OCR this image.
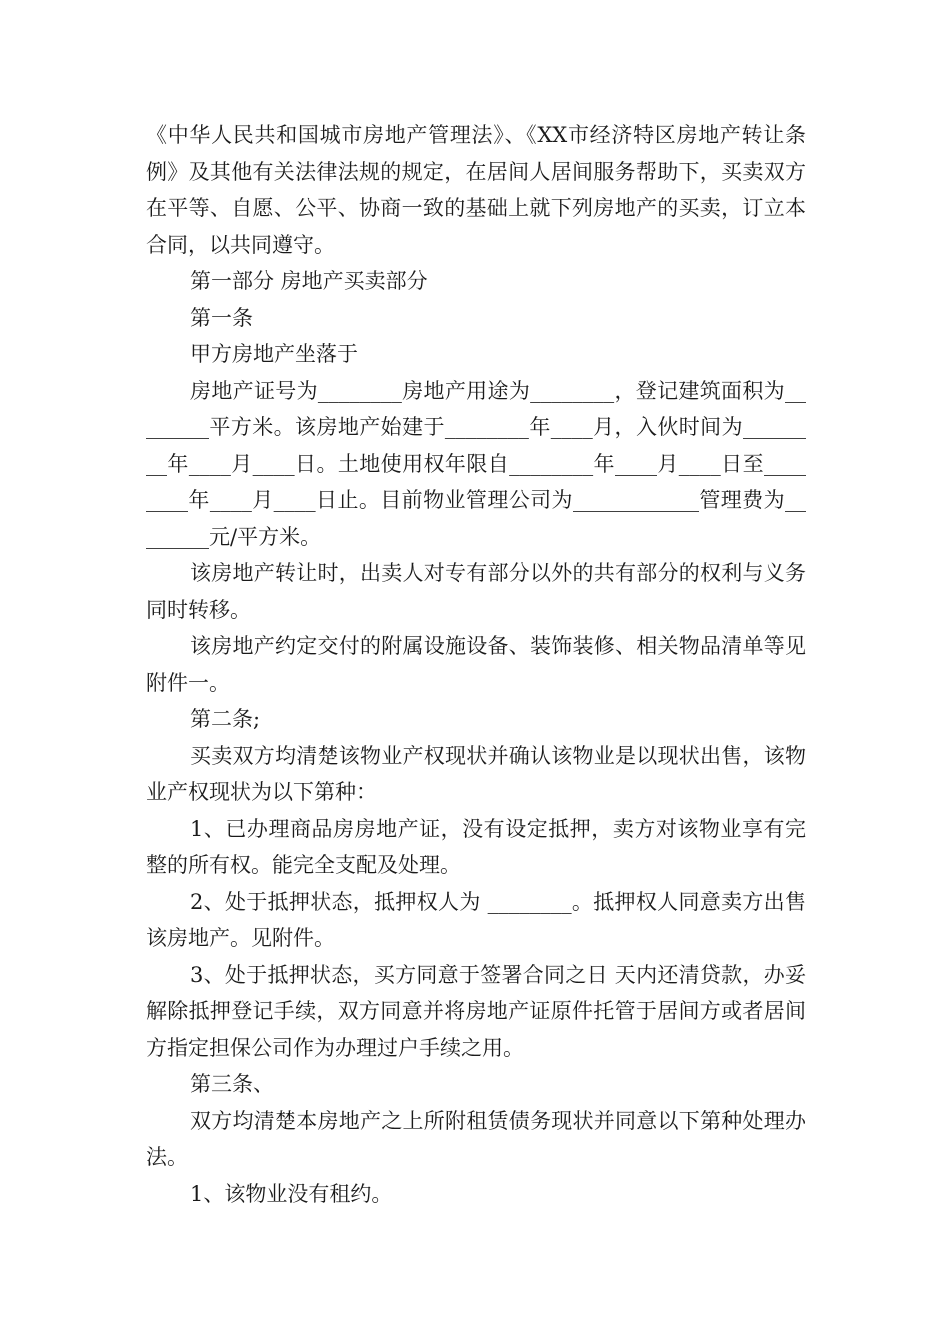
《中华人民共和国城市房地产管理法》、《XX市经济特区房地产转让条例》及其他有关法律法规的规定，在居间人居间服务帮助下，买卖双方在平等、自愿、公平、协商一致的基础上就下列房地产的买卖，订立本合同，以共同遵守。

第一部分 房地产买卖部分

第一条

甲方房地产坐落于

房地产证号为________房地产用途为________，登记建筑面积为________平方米。该房地产始建于________年____月，入伙时间为________年____月____日。土地使用权年限自________年____月____日至________年____月____日止。目前物业管理公司为____________管理费为________元/平方米。

该房地产转让时，出卖人对专有部分以外的共有部分的权利与义务同时转移。

该房地产约定交付的附属设施设备、装饰装修、相关物品清单等见附件一。

第二条;

买卖双方均清楚该物业产权现状并确认该物业是以现状出售，该物业产权现状为以下第种：

1、已办理商品房房地产证，没有设定抵押，卖方对该物业享有完整的所有权。能完全支配及处理。

2、处于抵押状态，抵押权人为 ________。抵押权人同意卖方出售该房地产。见附件。

3、处于抵押状态，买方同意于签署合同之日 天内还清贷款，办妥解除抵押登记手续，双方同意并将房地产证原件托管于居间方或者居间方指定担保公司作为办理过户手续之用。

第三条、

双方均清楚本房地产之上所附租赁债务现状并同意以下第种处理办法。

1、该物业没有租约。
